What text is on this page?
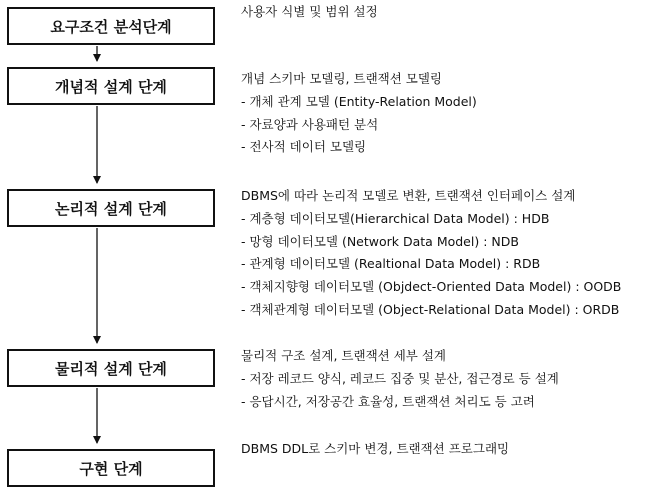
요구조건 분석단계
사용자 식별 및 범위 설정
개념적 설계 단계	개념 스키마 모델링, 트랜잭션 모델링
- 개체 관계 모델 (Entity-Relation Model)
- 자료양과 사용패턴 분석
- 전사적 데이터 모델링
논리적 설계 단계
DBMS에 따라 논리적 모델로 변환, 트랜잭션 인터페이스 설계
- 계층형 데이터모델(Hierarchical Data Model) : HDB
- 망형 데이터모델 (Network Data Model) : NDB
- 관계형 데이터모델 (Realtional Data Model) : RDB
- 객체지향형 데이터모델 (Objdect-Oriented Data Model) : OODB
- 객체관계형 데이터모델 (Object-Relational Data Model) : ORDB
물리적 설계 단계
물리적 구조 설계, 트랜잭션 세부 설계
- 저장 레코드 양식, 레코드 집중 및 분산, 접근경로 등 설계
- 응답시간, 저장공간 효율성, 트랜잭션 처리도 등 고려
구현 단계
DBMS DDL로 스키마 변경, 트랜잭션 프로그래밍
